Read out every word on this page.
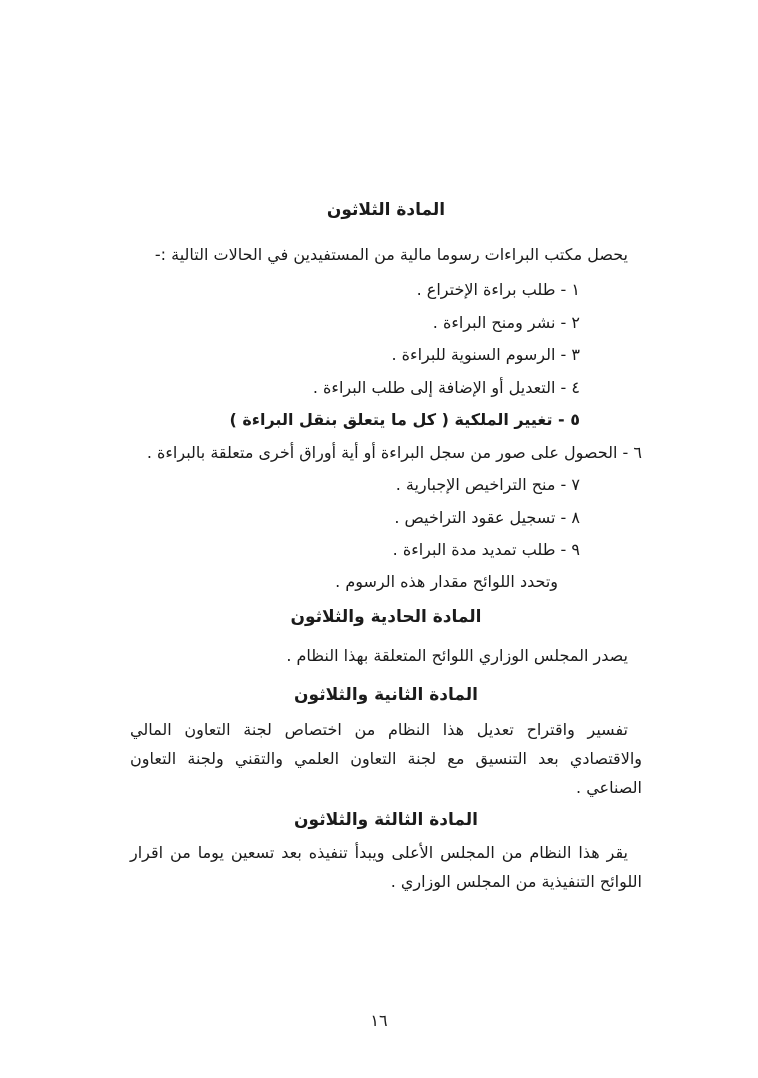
المادة الثلاثون

يحصل مكتب البراءات رسوما مالية من المستفيدين في الحالات التالية :-

١ - طلب براءة الإختراع .
٢ - نشر ومنح البراءة .
٣ - الرسوم السنوية للبراءة .
٤ - التعديل أو الإضافة إلى طلب البراءة .
٥ - تغيير الملكية ( كل ما يتعلق بنقل البراءة )
٦ - الحصول على صور من سجل البراءة أو أية أوراق أخرى متعلقة بالبراءة .
٧ - منح التراخيص الإجبارية .
٨ - تسجيل عقود التراخيص .
٩ - طلب تمديد مدة البراءة .

وتحدد اللوائح مقدار هذه الرسوم .

المادة الحادية والثلاثون

يصدر المجلس الوزاري اللوائح المتعلقة بهذا النظام .

المادة الثانية والثلاثون

تفسير واقتراح تعديل هذا النظام من اختصاص لجنة التعاون المالي والاقتصادي بعد التنسيق مع لجنة التعاون العلمي والتقني ولجنة التعاون الصناعي .

المادة الثالثة والثلاثون

يقر هذا النظام من المجلس الأعلى ويبدأ تنفيذه بعد تسعين يوما من اقرار اللوائح التنفيذية من المجلس الوزاري .

١٦
